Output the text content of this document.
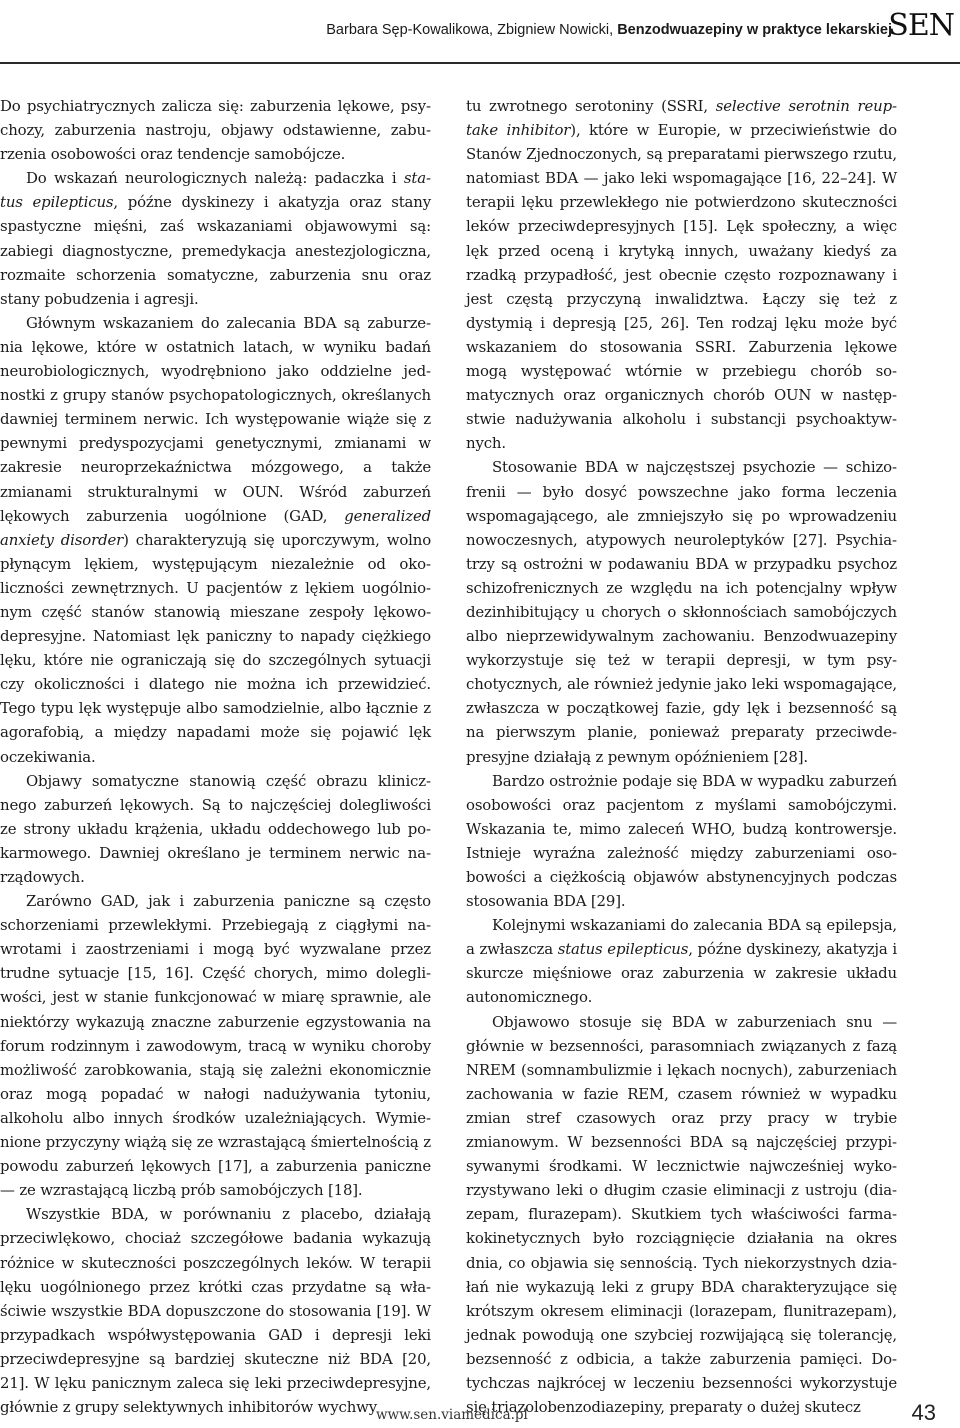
Barbara Sęp-Kowalikowa, Zbigniew Nowicki, Benzodwuazepiny w praktyce lekarskiej
SEN

Do psychiatrycznych zalicza się: zaburzenia lękowe, psychozy, zaburzenia nastroju, objawy odstawienne, zaburzenia osobowości oraz tendencje samobójcze.

Do wskazań neurologicznych należą: padaczka i status epilepticus, późne dyskinezy i akatyzja oraz stany spastyczne mięśni, zaś wskazaniami objawowymi są: zabiegi diagnostyczne, premedykacja anestezjologiczna, rozmaite schorzenia somatyczne, zaburzenia snu oraz stany pobudzenia i agresji.

Głównym wskazaniem do zalecania BDA są zaburzenia lękowe, które w ostatnich latach, w wyniku badań neurobiologicznych, wyodrębniono jako oddzielne jednostki z grupy stanów psychopatologicznych, określanych dawniej terminem nerwic. Ich występowanie wiąże się z pewnymi predyspozycjami genetycznymi, zmianami w zakresie neuroprzekaźnictwa mózgowego, a także zmianami strukturalnymi w OUN. Wśród zaburzeń lękowych zaburzenia uogólnione (GAD, generalized anxiety disorder) charakteryzują się uporczywym, wolno płynącym lękiem, występującym niezależnie od okoliczności zewnętrznych. U pacjentów z lękiem uogólnionym część stanów stanowią mieszane zespoły lękowo-depresyjne. Natomiast lęk paniczny to napady ciężkiego lęku, które nie ograniczają się do szczególnych sytuacji czy okoliczności i dlatego nie można ich przewidzieć. Tego typu lęk występuje albo samodzielnie, albo łącznie z agorafobią, a między napadami może się pojawić lęk oczekiwania.

Objawy somatyczne stanowią część obrazu klinicznego zaburzeń lękowych. Są to najczęściej dolegliwości ze strony układu krążenia, układu oddechowego lub pokarmowego. Dawniej określano je terminem nerwic narządowych.

Zarówno GAD, jak i zaburzenia paniczne są często schorzeniami przewlekłymi. Przebiegają z ciągłymi nawrotami i zaostrzeniami i mogą być wyzwalane przez trudne sytuacje [15, 16]. Część chorych, mimo dolegliwości, jest w stanie funkcjonować w miarę sprawnie, ale niektórzy wykazują znaczne zaburzenie egzystowania na forum rodzinnym i zawodowym, tracą w wyniku choroby możliwość zarobkowania, stają się zależni ekonomicznie oraz mogą popadać w nałogi nadużywania tytoniu, alkoholu albo innych środków uzależniających. Wymienione przyczyny wiążą się ze wzrastającą śmiertelnością z powodu zaburzeń lękowych [17], a zaburzenia paniczne — ze wzrastającą liczbą prób samobójczych [18].

Wszystkie BDA, w porównaniu z placebo, działają przeciwlękowo, chociaż szczegółowe badania wykazują różnice w skuteczności poszczególnych leków. W terapii lęku uogólnionego przez krótki czas przydatne są właściwie wszystkie BDA dopuszczone do stosowania [19]. W przypadkach współwystępowania GAD i depresji leki przeciwdepresyjne są bardziej skuteczne niż BDA [20, 21]. W lęku panicznym zaleca się leki przeciwdepresyjne, głównie z grupy selektywnych inhibitorów wychwy

tu zwrotnego serotoniny (SSRI, selective serotnin reuptake inhibitor), które w Europie, w przeciwieństwie do Stanów Zjednoczonych, są preparatami pierwszego rzutu, natomiast BDA — jako leki wspomagające [16, 22–24]. W terapii lęku przewlekłego nie potwierdzono skuteczności leków przeciwdepresyjnych [15]. Lęk społeczny, a więc lęk przed oceną i krytyką innych, uważany kiedyś za rzadką przypadłość, jest obecnie często rozpoznawany i jest częstą przyczyną inwalidztwa. Łączy się też z dystymią i depresją [25, 26]. Ten rodzaj lęku może być wskazaniem do stosowania SSRI. Zaburzenia lękowe mogą występować wtórnie w przebiegu chorób somatycznych oraz organicznych chorób OUN w następstwie nadużywania alkoholu i substancji psychoaktywnych.

Stosowanie BDA w najczęstszej psychozie — schizofrenii — było dosyć powszechne jako forma leczenia wspomagającego, ale zmniejszyło się po wprowadzeniu nowoczesnych, atypowych neuroleptyków [27]. Psychiatrzy są ostrożni w podawaniu BDA w przypadku psychoz schizofrenicznych ze względu na ich potencjalny wpływ dezinhibitujący u chorych o skłonnościach samobójczych albo nieprzewidywalnym zachowaniu. Benzodwuazepiny wykorzystuje się też w terapii depresji, w tym psychotycznych, ale również jedynie jako leki wspomagające, zwłaszcza w początkowej fazie, gdy lęk i bezsenność są na pierwszym planie, ponieważ preparaty przeciwdepresyjne działają z pewnym opóźnieniem [28].

Bardzo ostrożnie podaje się BDA w wypadku zaburzeń osobowości oraz pacjentom z myślami samobójczymi. Wskazania te, mimo zaleceń WHO, budzą kontrowersje. Istnieje wyraźna zależność między zaburzeniami osobowości a ciężkością objawów abstynencyjnych podczas stosowania BDA [29].

Kolejnymi wskazaniami do zalecania BDA są epilepsja, a zwłaszcza status epilepticus, późne dyskinezy, akatyzja i skurcze mięśniowe oraz zaburzenia w zakresie układu autonomicznego.

Objawowo stosuje się BDA w zaburzeniach snu — głównie w bezsenności, parasomniach związanych z fazą NREM (somnambulizmie i lękach nocnych), zaburzeniach zachowania w fazie REM, czasem również w wypadku zmian stref czasowych oraz przy pracy w trybie zmianowym. W bezsenności BDA są najczęściej przypisywanymi środkami. W lecznictwie najwcześniej wykorzystywano leki o długim czasie eliminacji z ustroju (diazepam, flurazepam). Skutkiem tych właściwości farmakokinetycznych było rozciągnięcie działania na okres dnia, co objawia się sennością. Tych niekorzystnych działań nie wykazują leki z grupy BDA charakteryzujące się krótszym okresem eliminacji (lorazepam, flunitrazepam), jednak powodują one szybciej rozwijającą się tolerancję, bezsenność z odbicia, a także zaburzenia pamięci. Dotychczas najkrócej w leczeniu bezsenności wykorzystuje się triazolobenzodiazepiny, preparaty o dużej skutecz

www.sen.viamedica.pl	43
